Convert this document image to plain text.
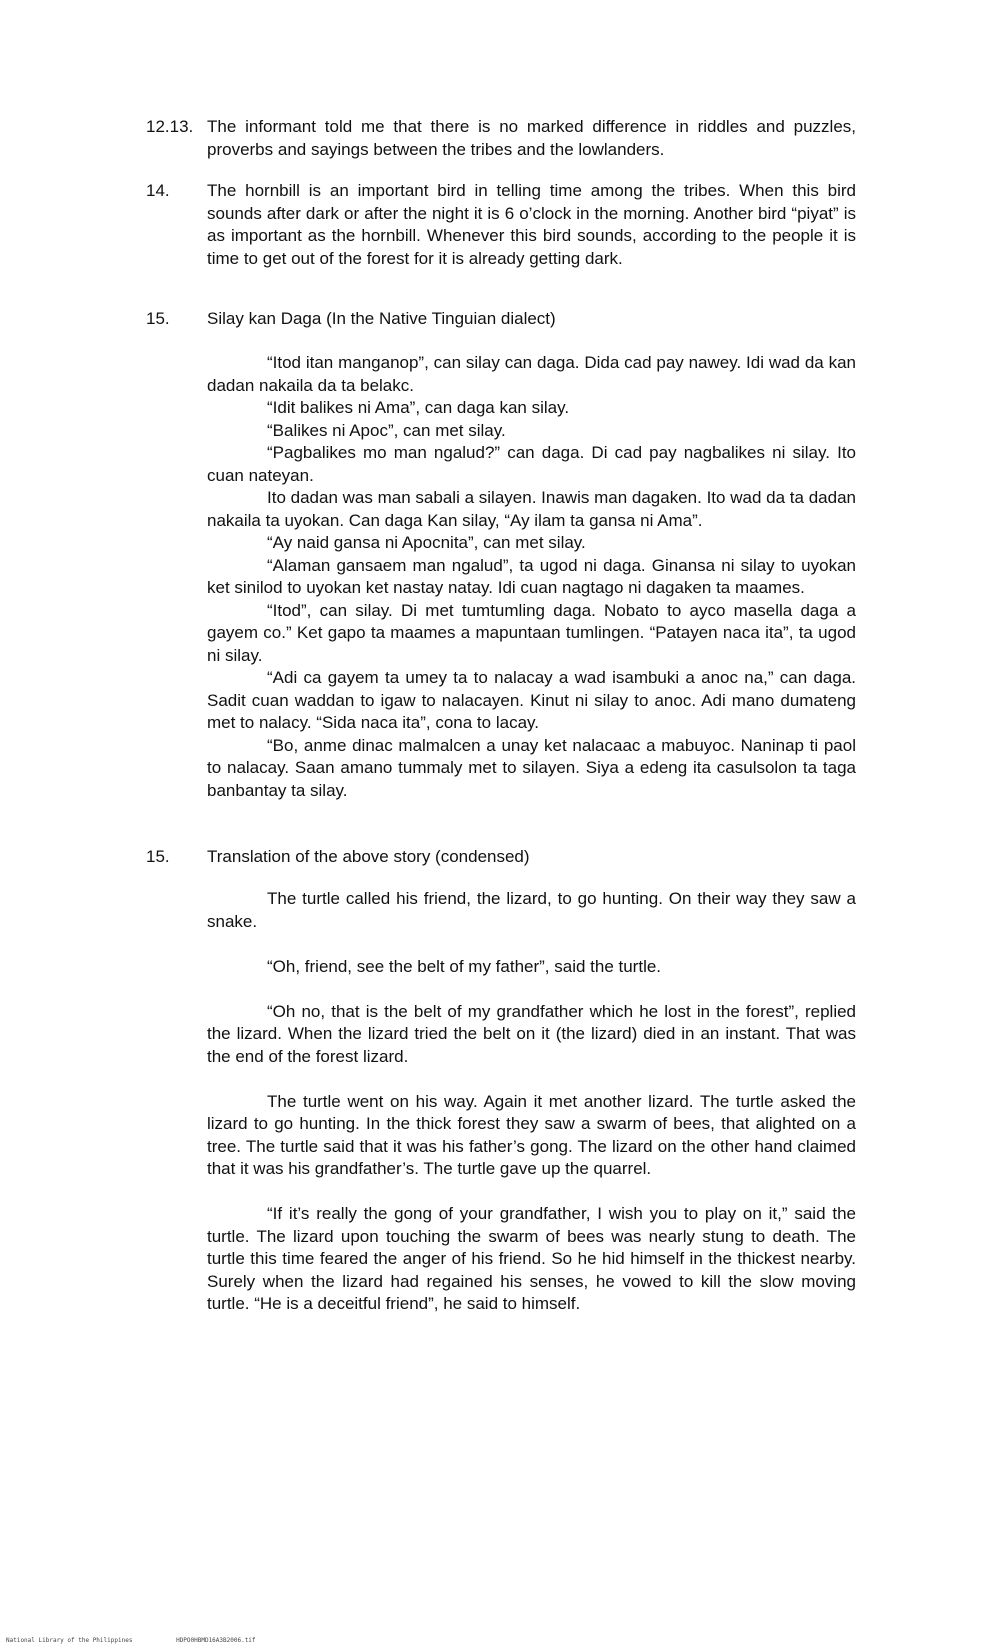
12.13. The informant told me that there is no marked difference in riddles and puzzles, proverbs and sayings between the tribes and the lowlanders.
14. The hornbill is an important bird in telling time among the tribes. When this bird sounds after dark or after the night it is 6 o’clock in the morning. Another bird “piyat” is as important as the hornbill. Whenever this bird sounds, according to the people it is time to get out of the forest for it is already getting dark.
15. Silay kan Daga (In the Native Tinguian dialect)

“Itod itan manganop”, can silay can daga. Dida cad pay nawey. Idi wad da kan dadan nakaila da ta belakc.

“Idit balikes ni Ama”, can daga kan silay.

“Balikes ni Apoc”, can met silay.

“Pagbalikes mo man ngalud?” can daga. Di cad pay nagbalikes ni silay. Ito cuan nateyan.

Ito dadan was man sabali a silayen. Inawis man dagaken. Ito wad da ta dadan nakaila ta uyokan. Can daga Kan silay, “Ay ilam ta gansa ni Ama”.

“Ay naid gansa ni Apocnita”, can met silay.

“Alaman gansaem man ngalud”, ta ugod ni daga. Ginansa ni silay to uyokan ket sinilod to uyokan ket nastay natay. Idi cuan nagtago ni dagaken ta maames.

“Itod”, can silay. Di met tumtumling daga. Nobato to ayco masella daga a gayem co.” Ket gapo ta maames a mapuntaan tumlingen. “Patayen naca ita”, ta ugod ni silay.

“Adi ca gayem ta umey ta to nalacay a wad isambuki a anoc na,” can daga. Sadit cuan waddan to igaw to nalacayen. Kinut ni silay to anoc. Adi mano dumateng met to nalacy. “Sida naca ita”, cona to lacay.

“Bo, anme dinac malmalcen a unay ket nalacaac a mabuyoc. Naninap ti paol to nalacay. Saan amano tummaly met to silayen. Siya a edeng ita casulsolon ta taga banbantay ta silay.

15. Translation of the above story (condensed)

The turtle called his friend, the lizard, to go hunting. On their way they saw a snake.

“Oh, friend, see the belt of my father”, said the turtle.

“Oh no, that is the belt of my grandfather which he lost in the forest”, replied the lizard. When the lizard tried the belt on it (the lizard) died in an instant. That was the end of the forest lizard.

The turtle went on his way. Again it met another lizard. The turtle asked the lizard to go hunting. In the thick forest they saw a swarm of bees, that alighted on a tree. The turtle said that it was his father’s gong. The lizard on the other hand claimed that it was his grandfather’s. The turtle gave up the quarrel.

“If it’s really the gong of your grandfather, I wish you to play on it,” said the turtle. The lizard upon touching the swarm of bees was nearly stung to death. The turtle this time feared the anger of his friend. So he hid himself in the thickest nearby. Surely when the lizard had regained his senses, he vowed to kill the slow moving turtle. “He is a deceitful friend”, he said to himself.

National Library of the Philippines	HDPO0HBMD16A3B2006.tif
